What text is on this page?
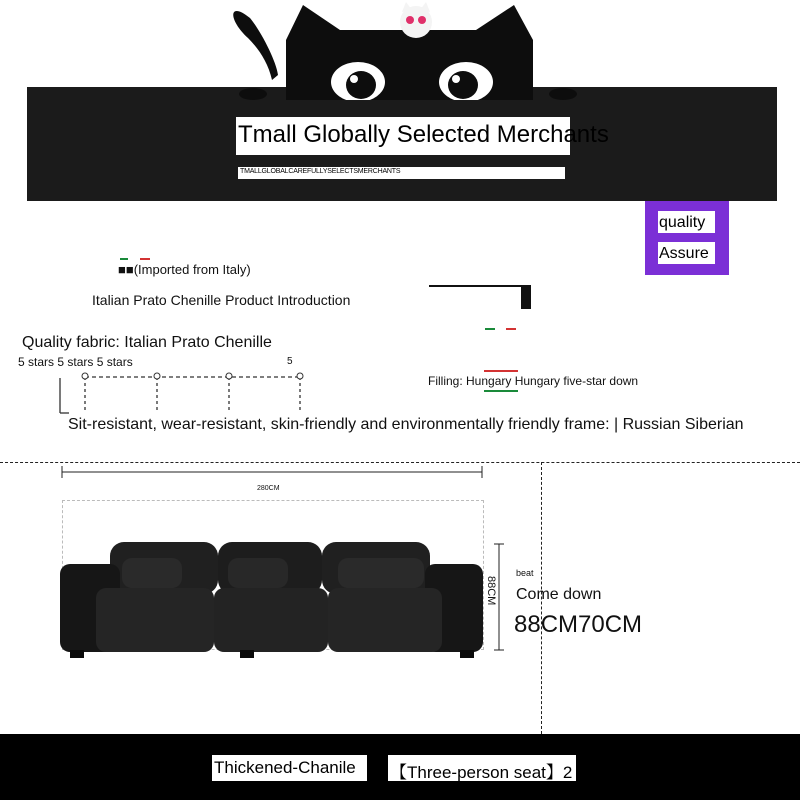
Tmall Globally Selected Merchants
TMALLGLOBALCAREFULLYSELECTSMERCHANTS
quality
Assure
■■(Imported from Italy)
Italian Prato Chenille Product Introduction
Quality fabric: Italian Prato Chenille
5 stars 5 stars 5 stars	5
Filling: Hungary Hungary five-star down
Sit-resistant, wear-resistant, skin-friendly and environmentally friendly frame: | Russian Siberian
280CM
88CM
beat
Come down
88CM70CM
Thickened-Chanile 【Three-person seat】2
